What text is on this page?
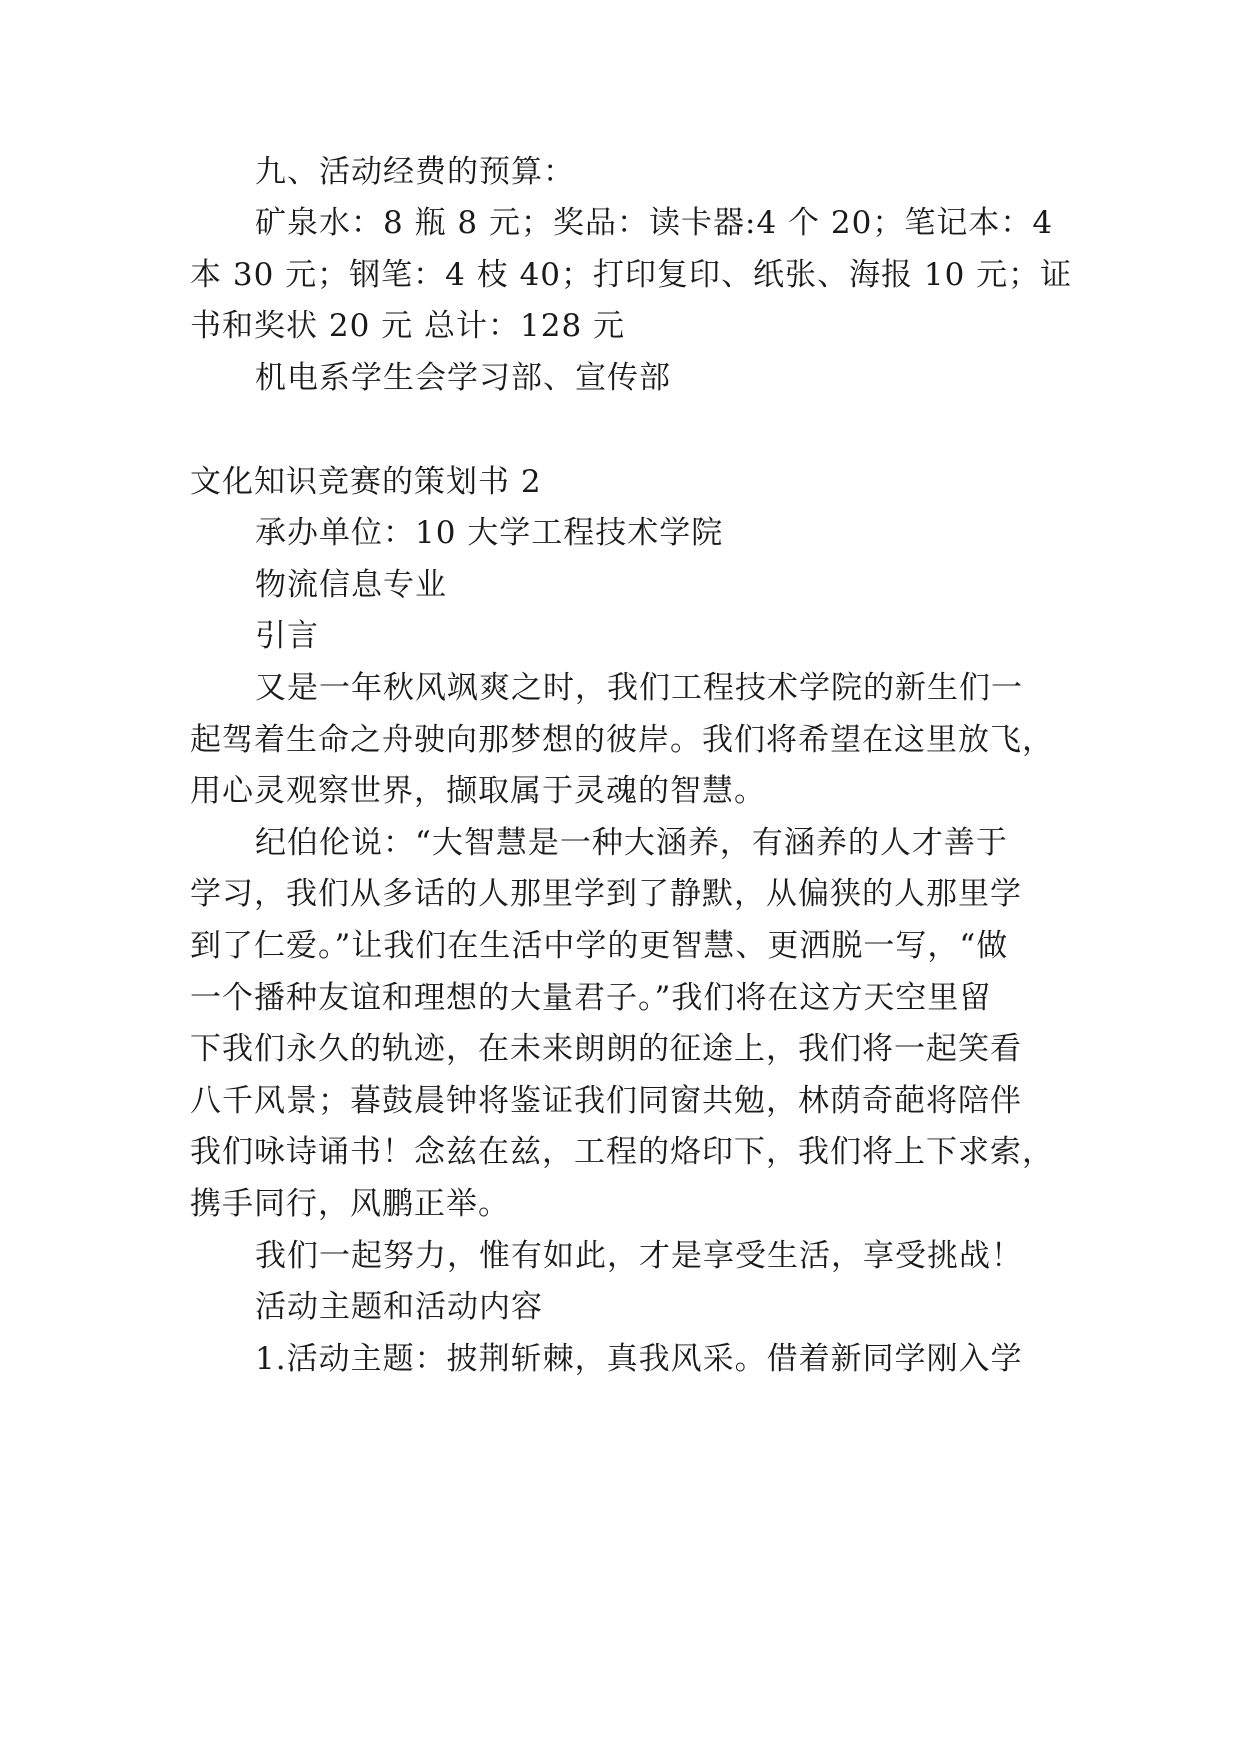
九、活动经费的预算：
矿泉水：8 瓶 8 元；奖品：读卡器:4 个 20；笔记本：4
本 30 元；钢笔：4 枝 40；打印复印、纸张、海报 10 元；证
书和奖状 20 元 总计：128 元
机电系学生会学习部、宣传部
文化知识竞赛的策划书 2
承办单位：10 大学工程技术学院
物流信息专业
引言
又是一年秋风飒爽之时，我们工程技术学院的新生们一
起驾着生命之舟驶向那梦想的彼岸。我们将希望在这里放飞，
用心灵观察世界，撷取属于灵魂的智慧。
纪伯伦说：“大智慧是一种大涵养，有涵养的人才善于
学习，我们从多话的人那里学到了静默，从偏狭的人那里学
到了仁爱。”让我们在生活中学的更智慧、更洒脱一写，“做
一个播种友谊和理想的大量君子。”我们将在这方天空里留
下我们永久的轨迹，在未来朗朗的征途上，我们将一起笑看
八千风景；暮鼓晨钟将鉴证我们同窗共勉，林荫奇葩将陪伴
我们咏诗诵书！念兹在兹，工程的烙印下，我们将上下求索，
携手同行，风鹏正举。
我们一起努力，惟有如此，才是享受生活，享受挑战！
活动主题和活动内容
1.活动主题：披荆斩棘，真我风采。借着新同学刚入学
